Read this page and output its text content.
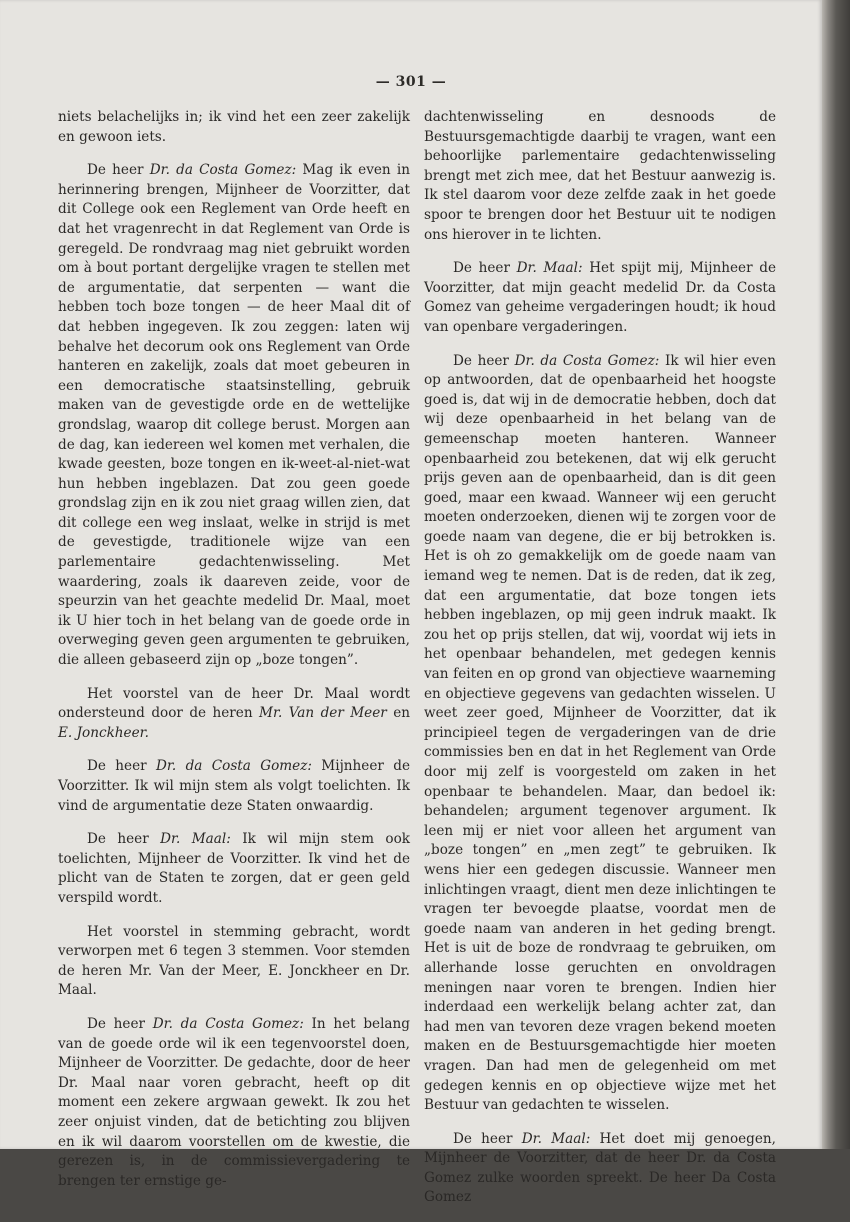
— 301 —

niets belachelijks in; ik vind het een zeer zakelijk en gewoon iets.

De heer Dr. da Costa Gomez: Mag ik even in herinnering brengen, Mijnheer de Voorzitter, dat dit College ook een Reglement van Orde heeft en dat het vragenrecht in dat Reglement van Orde is geregeld. De rondvraag mag niet gebruikt worden om à bout portant dergelijke vragen te stellen met de argumentatie, dat serpenten — want die hebben toch boze tongen — de heer Maal dit of dat hebben ingegeven. Ik zou zeggen: laten wij behalve het decorum ook ons Reglement van Orde hanteren en zakelijk, zoals dat moet gebeuren in een democratische staatsinstelling, gebruik maken van de gevestigde orde en de wettelijke grondslag, waarop dit college berust. Morgen aan de dag, kan iedereen wel komen met verhalen, die kwade geesten, boze tongen en ik-weet-al-niet-wat hun hebben ingeblazen. Dat zou geen goede grondslag zijn en ik zou niet graag willen zien, dat dit college een weg inslaat, welke in strijd is met de gevestigde, traditionele wijze van een parlementaire gedachtenwisseling. Met waardering, zoals ik daareven zeide, voor de speurzin van het geachte medelid Dr. Maal, moet ik U hier toch in het belang van de goede orde in overweging geven geen argumenten te gebruiken, die alleen gebaseerd zijn op „boze tongen”.

Het voorstel van de heer Dr. Maal wordt ondersteund door de heren Mr. Van der Meer en E. Jonckheer.

De heer Dr. da Costa Gomez: Mijnheer de Voorzitter. Ik wil mijn stem als volgt toelichten. Ik vind de argumentatie deze Staten onwaardig.

De heer Dr. Maal: Ik wil mijn stem ook toelichten, Mijnheer de Voorzitter. Ik vind het de plicht van de Staten te zorgen, dat er geen geld verspild wordt.

Het voorstel in stemming gebracht, wordt verworpen met 6 tegen 3 stemmen. Voor stemden de heren Mr. Van der Meer, E. Jonckheer en Dr. Maal.

De heer Dr. da Costa Gomez: In het belang van de goede orde wil ik een tegenvoorstel doen, Mijnheer de Voorzitter. De gedachte, door de heer Dr. Maal naar voren gebracht, heeft op dit moment een zekere argwaan gewekt. Ik zou het zeer onjuist vinden, dat de betichting zou blijven en ik wil daarom voorstellen om de kwestie, die gerezen is, in de commissievergadering te brengen ter ernstige ge-

dachtenwisseling en desnoods de Bestuursgemachtigde daarbij te vragen, want een behoorlijke parlementaire gedachtenwisseling brengt met zich mee, dat het Bestuur aanwezig is. Ik stel daarom voor deze zelfde zaak in het goede spoor te brengen door het Bestuur uit te nodigen ons hierover in te lichten.

De heer Dr. Maal: Het spijt mij, Mijnheer de Voorzitter, dat mijn geacht medelid Dr. da Costa Gomez van geheime vergaderingen houdt; ik houd van openbare vergaderingen.

De heer Dr. da Costa Gomez: Ik wil hier even op antwoorden, dat de openbaarheid het hoogste goed is, dat wij in de democratie hebben, doch dat wij deze openbaarheid in het belang van de gemeenschap moeten hanteren. Wanneer openbaarheid zou betekenen, dat wij elk gerucht prijs geven aan de openbaarheid, dan is dit geen goed, maar een kwaad. Wanneer wij een gerucht moeten onderzoeken, dienen wij te zorgen voor de goede naam van degene, die er bij betrokken is. Het is oh zo gemakkelijk om de goede naam van iemand weg te nemen. Dat is de reden, dat ik zeg, dat een argumentatie, dat boze tongen iets hebben ingeblazen, op mij geen indruk maakt. Ik zou het op prijs stellen, dat wij, voordat wij iets in het openbaar behandelen, met gedegen kennis van feiten en op grond van objectieve waarneming en objectieve gegevens van gedachten wisselen. U weet zeer goed, Mijnheer de Voorzitter, dat ik principieel tegen de vergaderingen van de drie commissies ben en dat in het Reglement van Orde door mij zelf is voorgesteld om zaken in het openbaar te behandelen. Maar, dan bedoel ik: behandelen; argument tegenover argument. Ik leen mij er niet voor alleen het argument van „boze tongen” en „men zegt” te gebruiken. Ik wens hier een gedegen discussie. Wanneer men inlichtingen vraagt, dient men deze inlichtingen te vragen ter bevoegde plaatse, voordat men de goede naam van anderen in het geding brengt. Het is uit de boze de rondvraag te gebruiken, om allerhande losse geruchten en onvoldragen meningen naar voren te brengen. Indien hier inderdaad een werkelijk belang achter zat, dan had men van tevoren deze vragen bekend moeten maken en de Bestuursgemachtigde hier moeten vragen. Dan had men de gelegenheid om met gedegen kennis en op objectieve wijze met het Bestuur van gedachten te wisselen.

De heer Dr. Maal: Het doet mij genoegen, Mijnheer de Voorzitter, dat de heer Dr. da Costa Gomez zulke woorden spreekt. De heer Da Costa Gomez
